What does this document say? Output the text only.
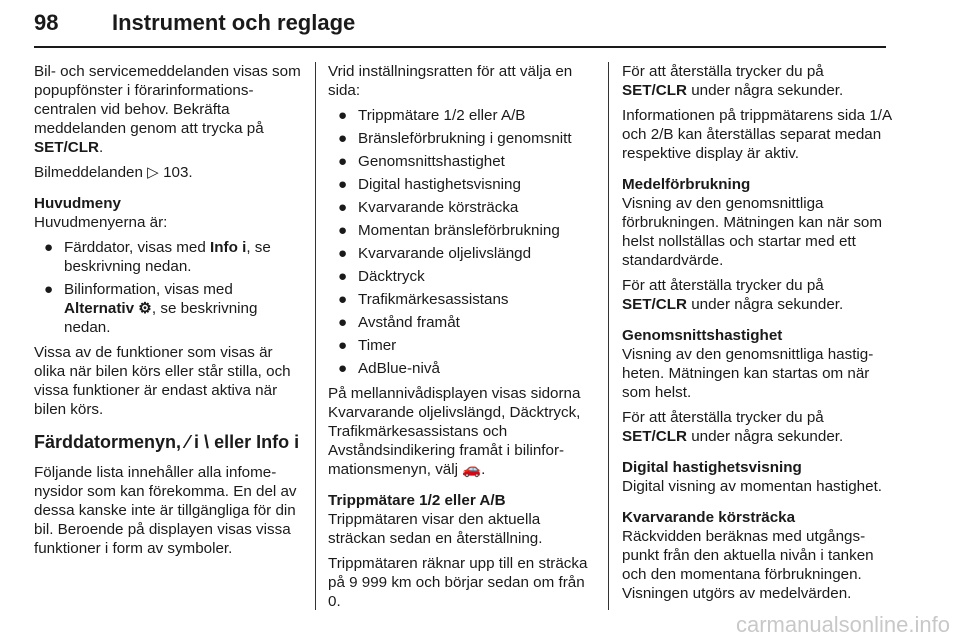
98 Instrument och reglage

Bil- och servicemeddelanden visas som popupfönster i förarinformationscentralen vid behov. Bekräfta meddelanden genom att trycka på SET/CLR.

Bilmeddelanden ▷ 103.

Huvudmeny

Huvudmenyerna är:

● Färddator, visas med Info i, se beskrivning nedan.
● Bilinformation, visas med Alternativ ⚙, se beskrivning nedan.

Vissa av de funktioner som visas är olika när bilen körs eller står stilla, och vissa funktioner är endast aktiva när bilen körs.

Färddatormenyn, ⁄ i \ eller Info i

Följande lista innehåller alla infomenysidor som kan förekomma. En del av dessa kanske inte är tillgängliga för din bil. Beroende på displayen visas vissa funktioner i form av symboler.

Vrid inställningsratten för att välja en sida:

● Trippmätare 1/2 eller A/B
● Bränsleförbrukning i genomsnitt
● Genomsnittshastighet
● Digital hastighetsvisning
● Kvarvarande körsträcka
● Momentan bränsleförbrukning
● Kvarvarande oljelivslängd
● Däcktryck
● Trafikmärkesassistans
● Avstånd framåt
● Timer
● AdBlue-nivå

På mellannivådisplayen visas sidorna Kvarvarande oljelivslängd, Däcktryck, Trafikmärkesassistans och Avståndsindikering framåt i bilinformationsmenyn, välj 🚗.

Trippmätare 1/2 eller A/B

Trippmätaren visar den aktuella sträckan sedan en återställning.

Trippmätaren räknar upp till en sträcka på 9 999 km och börjar sedan om från 0.

För att återställa trycker du på
SET/CLR under några sekunder.

Informationen på trippmätarens sida 1/A och 2/B kan återställas separat medan respektive display är aktiv.

Medelförbrukning

Visning av den genomsnittliga förbrukningen. Mätningen kan när som helst nollställas och startar med ett standardvärde.

För att återställa trycker du på
SET/CLR under några sekunder.

Genomsnittshastighet

Visning av den genomsnittliga hastigheten. Mätningen kan startas om när som helst.

För att återställa trycker du på
SET/CLR under några sekunder.

Digital hastighetsvisning

Digital visning av momentan hastighet.

Kvarvarande körsträcka

Räckvidden beräknas med utgångspunkt från den aktuella nivån i tanken och den momentana förbrukningen. Visningen utgörs av medelvärden.

carmanualsonline.info
